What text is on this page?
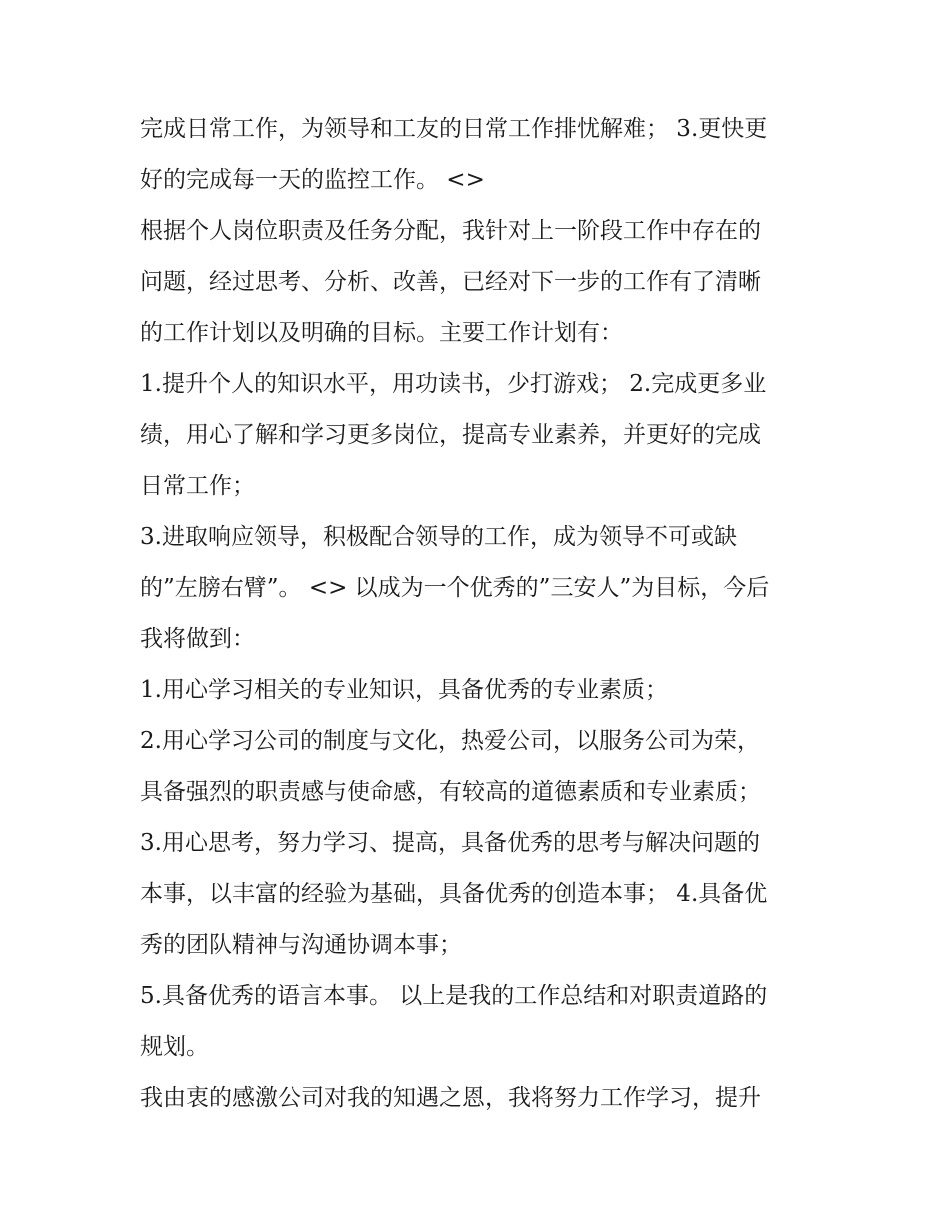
完成日常工作，为领导和工友的日常工作排忧解难； 3.更快更
好的完成每一天的监控工作。 <>
根据个人岗位职责及任务分配，我针对上一阶段工作中存在的
问题，经过思考、分析、改善，已经对下一步的工作有了清晰
的工作计划以及明确的目标。主要工作计划有：
1.提升个人的知识水平，用功读书，少打游戏； 2.完成更多业
绩，用心了解和学习更多岗位，提高专业素养，并更好的完成
日常工作；
3.进取响应领导，积极配合领导的工作，成为领导不可或缺
的”左膀右臂”。 <> 以成为一个优秀的”三安人”为目标，今后
我将做到：
1.用心学习相关的专业知识，具备优秀的专业素质；
2.用心学习公司的制度与文化，热爱公司，以服务公司为荣，
具备强烈的职责感与使命感，有较高的道德素质和专业素质；
3.用心思考，努力学习、提高，具备优秀的思考与解决问题的
本事，以丰富的经验为基础，具备优秀的创造本事； 4.具备优
秀的团队精神与沟通协调本事；
5.具备优秀的语言本事。 以上是我的工作总结和对职责道路的
规划。
我由衷的感激公司对我的知遇之恩，我将努力工作学习，提升
